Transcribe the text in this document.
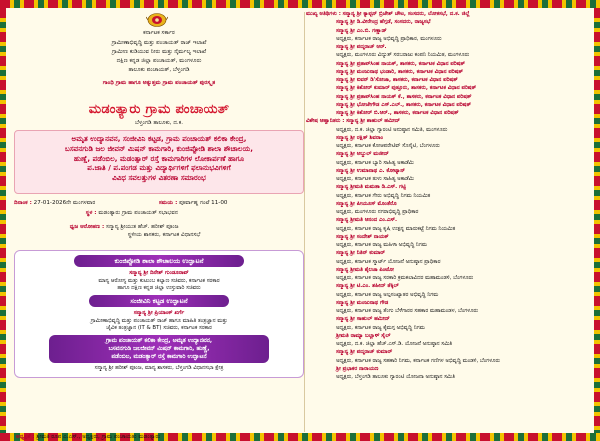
ಕರ್ನಾಟಕ ಸರ್ಕಾರ
ಗ್ರಾಮೀಣಾಭಿವೃದ್ಧಿ ಮತ್ತು ಪಂಚಾಯತ್ ರಾಜ್ ಇಲಾಖೆ
ಗ್ರಾಮೀಣ ಕುಡಿಯುವ ನೀರು ಮತ್ತು ನೈರ್ಮಲ್ಯ ಇಲಾಖೆ
ದಕ್ಷಿಣ ಕನ್ನಡ ಜಿಲ್ಲಾ ಪಂಚಾಯತ್, ಮಂಗಳೂರು
ತಾಲೂಕು ಪಂಚಾಯತ್, ಬೆಳ್ತಂಗಡಿ
ಗಾಂಧಿ ಗ್ರಾಮ ಹಾಗೂ ಅತ್ಯುತ್ತಮ ಗ್ರಾಮ ಪಂಚಾಯತ್ ಪುರಸ್ಕೃತ
ಮಡಂತ್ಯಾರು ಗ್ರಾಮ ಪಂಚಾಯತ್
ಬೆಳ್ತಂಗಡಿ ತಾಲೂಕು, ದ.ಕ.
ಅಮೃತ ಉದ್ಯಾನವನ, ಸಂಜೀವಿನಿ ಕಟ್ಟಡ, ಗ್ರಾಮ ಪಂಚಾಯತ್ ಕಲಿಕಾ ಕೇಂದ್ರ,
ಬಸವನಗುಡಿ ಜಲ ಜೀವನ್ ಮಿಷನ್ ಕಾಮಗಾರಿ, ಕುಂಜಿಪ್ಪೋಡಿ ಶಾಲಾ ಶೌಚಾಲಯ,
ಹುಣ್ಣೆ, ಪಡೆಂಬಿಲ, ಮಡಂತ್ಯಾರ್ ರಸ್ತೆ ಕಾಮಗಾರಿಗಳ ಲೋಕಾರ್ಪಣೆ ಹಾಗೂ
ಪ.ಜಾತಿ / ಪ.ಪಂಗಡ ಮತ್ತು ವಿದ್ಯಾರ್ಥಿಗಳಿಗೆ ಫಲಾನುಭವಿಗಳಿಗೆ
ವಿವಿಧ ಸವಲತ್ತುಗಳ ವಿತರಣಾ ಸಮಾರಂಭ
ದಿನಾಂಕ : 27-01-2026ನೇ ಮಂಗಳವಾರ	ಸಮಯ : ಪೂರ್ವಾಹ್ನ ಗಂಟೆ 11-00
ಸ್ಥಳ : ಮಡಂತ್ಯಾರು ಗ್ರಾಮ ಪಂಚಾಯತ್ ಸಭಾಭವನ
ಧ್ವಜ ಆರೋಹಣ : ಸನ್ಮಾನ್ಯ ಶ್ರೀಯುತ ಹೆಚ್. ಹರೀಶ್ ಪೂಂಜ
ಸ್ಥಳೀಯ ಶಾಸಕರು, ಕರ್ನಾಟಕ ವಿಧಾನಸಭೆ
ಕುಂಜಿಪ್ಪೋಡಿ ಶಾಲಾ ಶೌಚಾಲಯ ಉದ್ಘಾಟನೆ
ಸನ್ಮಾನ್ಯ ಶ್ರೀ ದಿನೇಶ್ ಗುಂಡೂರಾವ್
ಮಾನ್ಯ ಆರೋಗ್ಯ ಮತ್ತು ಕುಟುಂಬ ಕಲ್ಯಾಣ ಸಚಿವರು, ಕರ್ನಾಟಕ ಸರಕಾರ
ಹಾಗೂ ದಕ್ಷಿಣ ಕನ್ನಡ ಜಿಲ್ಲಾ ಉಸ್ತುವಾರಿ ಸಚಿವರು
ಸಂಜೀವಿನಿ ಕಟ್ಟಡ ಉದ್ಘಾಟನೆ
ಸನ್ಮಾನ್ಯ ಶ್ರೀ ಪ್ರಿಯಾಂಕ್ ಖರ್ಗೆ
ಗ್ರಾಮೀಣಾಭಿವೃದ್ಧಿ ಮತ್ತು ಪಂಚಾಯತ್ ರಾಜ್ ಹಾಗೂ ಮಾಹಿತಿ ತಂತ್ರಜ್ಞಾನ ಮತ್ತು
ಜೈವಿಕ ತಂತ್ರಜ್ಞಾನ (IT & BT) ಸಚಿವರು, ಕರ್ನಾಟಕ ಸರಕಾರ
ಗ್ರಾಮ ಪಂಚಾಯತ್ ಕಲಿಕಾ ಕೇಂದ್ರ, ಅಮೃತ ಉದ್ಯಾನವನ,
ಬಸವನಗುಡಿ ಜಲಜೀವನ್ ಮಿಷನ್ ಕಾಮಗಾರಿ, ಹುಣ್ಣೆ,
ಪಡೆಂಬಿಲ, ಮಡಂತ್ಯಾರ್ ರಸ್ತೆ ಕಾಮಗಾರಿ ಉದ್ಘಾಟನೆ
ಸನ್ಮಾನ್ಯ ಶ್ರೀ ಹರೀಶ್ ಪೂಂಜ, ಮಾನ್ಯ ಶಾಸಕರು, ಬೆಳ್ತಂಗಡಿ ವಿಧಾನಸಭಾ ಕ್ಷೇತ್ರ
ಅಧ್ಯಕ್ಷತೆ : ಶ್ರೀಮತಿ ರೂಪ ಎ.ಎಸ್., ಅಧ್ಯಕ್ಷರು, ಗ್ರಾಮ ಪಂಚಾಯತು ಮಡಂತ್ಯಾರು
ಮುಖ್ಯ ಅತಿಥಿಗಳು : ಸನ್ಮಾನ್ಯ ಶ್ರೀ ಕ್ಯಾಪ್ಟನ್ ಬ್ರಿಜೇಶ್ ಚೌಟ, ಸಂಸದರು, ಲೋಕಸಭೆ, ದ.ಕ. ಜಿಲ್ಲೆ
ಸನ್ಮಾನ್ಯ ಶ್ರೀ ಡಿ.ವೀರೇಂದ್ರ ಹೆಗ್ಗಡೆ, ಸಂಸದರು, ರಾಜ್ಯಸಭೆ
ಸನ್ಮಾನ್ಯ ಶ್ರೀ ಎಂ.ಬಿ. ಗಣ್ಣಾಡ್
ಅಧ್ಯಕ್ಷರು, ಕರ್ನಾಟಕ ರಾಜ್ಯ ಅಭಿವೃದ್ಧಿ ಪ್ರಾಧಿಕಾರ, ಮಂಗಳೂರು
ಸನ್ಮಾನ್ಯ ಶ್ರೀ ಪದ್ಮರಾಜ್ ಆರ್.
ಅಧ್ಯಕ್ಷರು, ಮಂಗಳೂರು ವಿದ್ಯುತ್ ಸರಬರಾಜು ಕಂಪನಿ ನಿಯಮಿತ, ಮಂಗಳೂರು
ಸನ್ಮಾನ್ಯ ಶ್ರೀ ಪ್ರತಾಪ್‌ಸಿಂಹ ನಾಯಕ್, ಶಾಸಕರು, ಕರ್ನಾಟಕ ವಿಧಾನ ಪರಿಷತ್
ಸನ್ಮಾನ್ಯ ಶ್ರೀ ಮಂಜುನಾಥ ಭಂಡಾರಿ, ಶಾಸಕರು, ಕರ್ನಾಟಕ ವಿಧಾನ ಪರಿಷತ್
ಸನ್ಮಾನ್ಯ ಶ್ರೀ ಐವನ್ ಡಿ'ಸೋಜಾ, ಶಾಸಕರು, ಕರ್ನಾಟಕ ವಿಧಾನ ಪರಿಷತ್
ಸನ್ಮಾನ್ಯ ಶ್ರೀ ಕಿಶೋರ್ ಕುಮಾರ್ ಪುತ್ತೂರು, ಶಾಸಕರು, ಕರ್ನಾಟಕ ವಿಧಾನ ಪರಿಷತ್
ಸನ್ಮಾನ್ಯ ಶ್ರೀ ಪ್ರತಾಪ್‌ಸಿಂಹ ನಾಯಕ್ ಕೆ., ಶಾಸಕರು, ಕರ್ನಾಟಕ ವಿಧಾನ ಪರಿಷತ್
ಸನ್ಮಾನ್ಯ ಶ್ರೀ ಭೋಜೇಗೌಡ ಎಸ್.ಎಲ್., ಶಾಸಕರು, ಕರ್ನಾಟಕ ವಿಧಾನ ಪರಿಷತ್
ಸನ್ಮಾನ್ಯ ಶ್ರೀ ಕಿಶೋರ್ ಬಿ.ಆರ್., ಶಾಸಕರು, ಕರ್ನಾಟಕ ವಿಧಾನ ಪರಿಷತ್
ವಿಶೇಷ ಆಹ್ವಾನಿತರು : ಸನ್ಮಾನ್ಯ ಶ್ರೀ ಶಾಹುಲ್ ಹಮೀದ್
ಅಧ್ಯಕ್ಷರು, ದ.ಕ. ಜಿಲ್ಲಾ ಗ್ಯಾರಂಟಿ ಅನುಷ್ಠಾನ ಸಮಿತಿ, ಮಂಗಳೂರು
ಸನ್ಮಾನ್ಯ ಶ್ರೀ ರಕ್ಷಿತ್ ಶಿವರಾಂ
ಅಧ್ಯಕ್ಷರು, ಕರ್ನಾಟಕ ಕೋಆಪರೇಟಿವ್ ಸೊಸೈಟಿ, ಬೆಂಗಳೂರು
ಸನ್ಮಾನ್ಯ ಶ್ರೀ ಅಬ್ದುಲ್ ಮಜೀದ್
ಅಧ್ಯಕ್ಷರು, ಕರ್ನಾಟಕ ಬ್ಯಾರಿ ಸಾಹಿತ್ಯ ಅಕಾಡೆಮಿ
ಸನ್ಮಾನ್ಯ ಶ್ರೀ ಉಮಾನಾಥ ಎ. ಕೋಟ್ಯಾನ್
ಅಧ್ಯಕ್ಷರು, ಕರ್ನಾಟಕ ತುಳು ಸಾಹಿತ್ಯ ಅಕಾಡೆಮಿ
ಸನ್ಮಾನ್ಯ ಶ್ರೀಮತಿ ಮಮತಾ ಡಿ.ಎಸ್. ಗಟ್ಟಿ
ಅಧ್ಯಕ್ಷರು, ಕರ್ನಾಟಕ ಗೇರು ಅಭಿವೃದ್ಧಿ ನಿಗಮ ನಿಯಮಿತ
ಸನ್ಮಾನ್ಯ ಶ್ರೀ ಪೀಯೂಸ್ ಮೊಂತೆರೊ
ಅಧ್ಯಕ್ಷರು, ಮಂಗಳೂರು ನಗರಾಭಿವೃದ್ಧಿ ಪ್ರಾಧಿಕಾರ
ಸನ್ಮಾನ್ಯ ಶ್ರೀಮತಿ ಆನಂದ ಎಂ.ಎಸ್.
ಅಧ್ಯಕ್ಷರು, ಕರ್ನಾಟಕ ರಾಜ್ಯ ಕೃಷಿ ಉತ್ಪನ್ನ ಮಾರುಕಟ್ಟೆ ನಿಗಮ ನಿಯಮಿತ
ಸನ್ಮಾನ್ಯ ಶ್ರೀ ಸಂದೇಶ್ ನಾಯಕ್
ಅಧ್ಯಕ್ಷರು, ಕರ್ನಾಟಕ ರಾಜ್ಯ ಮಹಿಳಾ ಅಭಿವೃದ್ಧಿ ನಿಗಮ
ಸನ್ಮಾನ್ಯ ಶ್ರೀ ನಿತಿನ್ ಕುಮಾರ್
ಅಧ್ಯಕ್ಷರು, ಕರ್ನಾಟಕ ಸ್ಮಾರ್ಟ್ ಯೋಜನೆ ಅನುಷ್ಠಾನ ಪ್ರಾಧಿಕಾರ
ಸನ್ಮಾನ್ಯ ಶ್ರೀಮತಿ ಶೈಲಜಾ ಪಿಂಟೋ
ಅಧ್ಯಕ್ಷರು, ಕರ್ನಾಟಕ ರಾಜ್ಯ ಸರಕಾರಿ ಕ್ರಮಕಲಾವಿದರ ಮಹಾಮಂಡಳಿ, ಬೆಂಗಳೂರು
ಸನ್ಮಾನ್ಯ ಶ್ರೀ ಟಿ.ಎಂ. ಶಹೀದ್ ತೆಕ್ಕಿಲ್
ಅಧ್ಯಕ್ಷರು, ಕರ್ನಾಟಕ ರಾಜ್ಯ ಅಲ್ಪಸಂಖ್ಯಾತರ ಅಭಿವೃದ್ಧಿ ನಿಗಮ
ಸನ್ಮಾನ್ಯ ಶ್ರೀ ಮಂಜುನಾಥ ಗೌಡ
ಅಧ್ಯಕ್ಷರು, ಕರ್ನಾಟಕ ರಾಜ್ಯ ತೆಂಗು ಬೆಳೆಗಾರರ ಸಹಕಾರ ಮಹಾಮಂಡಳ, ಬೆಂಗಳೂರು
ಸನ್ಮಾನ್ಯ ಶ್ರೀ ಸಾಹುಲ್ ಹಮೀದ್
ಅಧ್ಯಕ್ಷರು, ಕರ್ನಾಟಕ ರಾಜ್ಯ ಕೈಮಗ್ಗ ಅಭಿವೃದ್ಧಿ ನಿಗಮ
ಶ್ರೀಮತಿ ರಾಮ್ಯಾ ಬಲ್ಲಾಳ್ ಸೈಲ್
ಅಧ್ಯಕ್ಷರು, ದ.ಕ. ಜಿಲ್ಲಾ ಹೆಚ್.ಎಸ್.ಡಿ. ಯೋಜನೆ ಅನುಷ್ಠಾನ ಸಮಿತಿ
ಸನ್ಮಾನ್ಯ ಶ್ರೀ ಪದ್ಮರಾಜ್ ಕುಮಾರ್
ಅಧ್ಯಕ್ಷರು, ಕರ್ನಾಟಕ ರಾಜ್ಯ ಸಹಕಾರಿ ನಿಗಮ, ಕರ್ನಾಟಕ ಗಣಿಗಳ ಅಭಿವೃದ್ಧಿ ಮಂಡಳಿ, ಬೆಂಗಳೂರು
ಶ್ರೀ ಪ್ರಭಾಕರ ನಾರಾಯಣ
ಅಧ್ಯಕ್ಷರು, ಬೆಳ್ತಂಗಡಿ ತಾಲೂಕು ಗ್ಯಾರಂಟಿ ಯೋಜನಾ ಅನುಷ್ಠಾನ ಸಮಿತಿ
